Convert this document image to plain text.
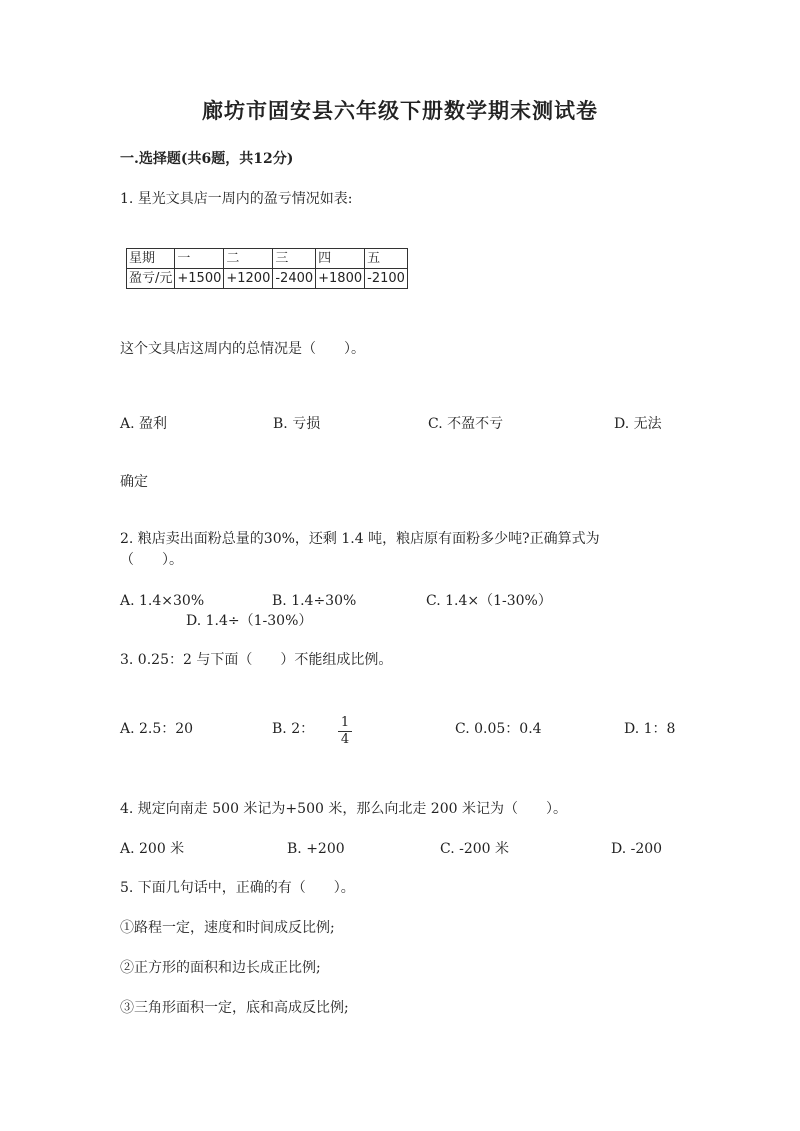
廊坊市固安县六年级下册数学期末测试卷
一.选择题(共6题，共12分)
1. 星光文具店一周内的盈亏情况如表:
星期	一	二	三	四	五
盈亏/元	+1500	+1200	-2400	+1800	-2100
这个文具店这周内的总情况是（　　）。
A. 盈利	B. 亏损	C. 不盈不亏	D. 无法
确定
2. 粮店卖出面粉总量的30%，还剩 1.4 吨，粮店原有面粉多少吨?正确算式为
（　　）。
A. 1.4×30%	B. 1.4÷30%	C. 1.4×（1-30%）
D. 1.4÷（1-30%）
3. 0.25：2 与下面（　　）不能组成比例。
A. 2.5：20	B. 2： $\frac{1}{4}$	C. 0.05：0.4	D. 1：8
4. 规定向南走 500 米记为+500 米，那么向北走 200 米记为（　　）。
A. 200 米	B. +200	C. -200 米	D. -200
5. 下面几句话中，正确的有（　　）。
①路程一定，速度和时间成反比例;
②正方形的面积和边长成正比例;
③三角形面积一定，底和高成反比例;
